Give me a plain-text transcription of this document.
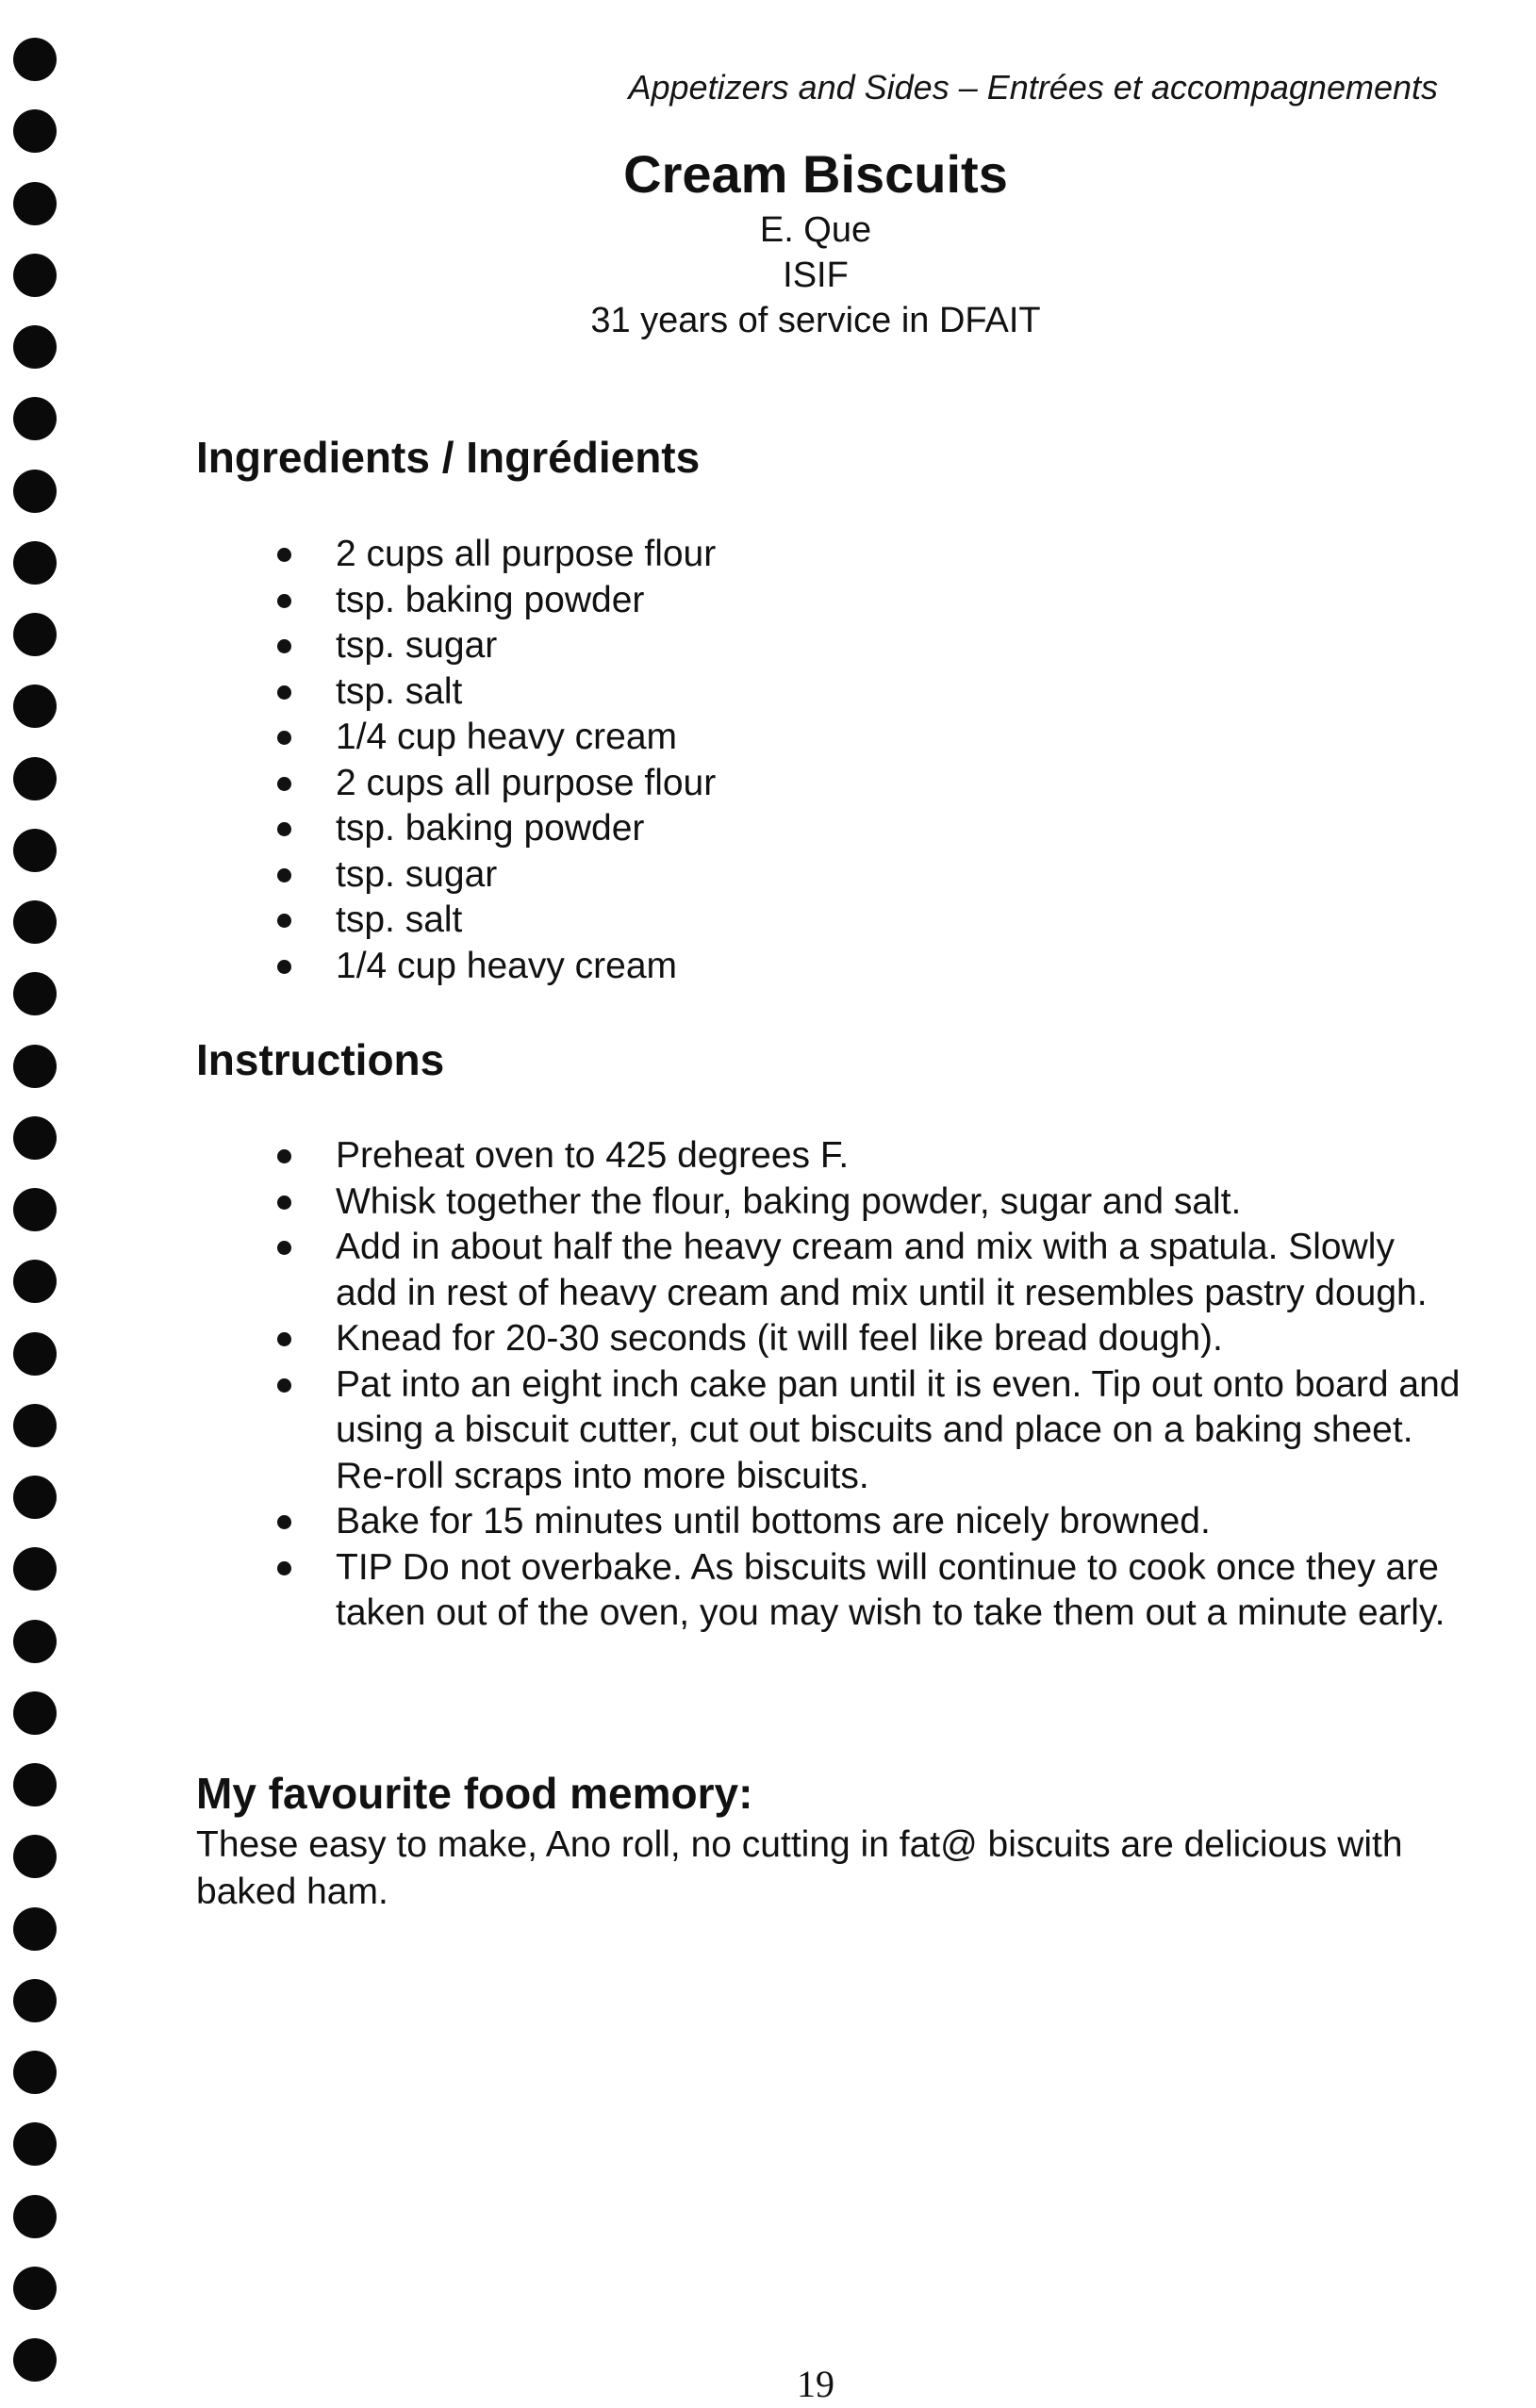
Appetizers and Sides – Entrées et accompagnements
Cream Biscuits
E. Que
ISIF
31 years of service in DFAIT
Ingredients / Ingrédients
2 cups all purpose flour
tsp. baking powder
tsp. sugar
tsp. salt
1/4 cup heavy cream
2 cups all purpose flour
tsp. baking powder
tsp. sugar
tsp. salt
1/4 cup heavy cream
Instructions
Preheat oven to 425 degrees F.
Whisk together the flour, baking powder, sugar and salt.
Add in about half the heavy cream and mix with a spatula. Slowly add in rest of heavy cream and mix until it resembles pastry dough.
Knead for 20-30 seconds (it will feel like bread dough).
Pat into an eight inch cake pan until it is even. Tip out onto board and using a biscuit cutter, cut out biscuits and place on a baking sheet. Re-roll scraps into more biscuits.
Bake for 15 minutes until bottoms are nicely browned.
TIP Do not overbake. As biscuits will continue to cook once they are taken out of the oven, you may wish to take them out a minute early.
My favourite food memory:

These easy to make, Ano roll, no cutting in fat@ biscuits are delicious with baked ham.

19
